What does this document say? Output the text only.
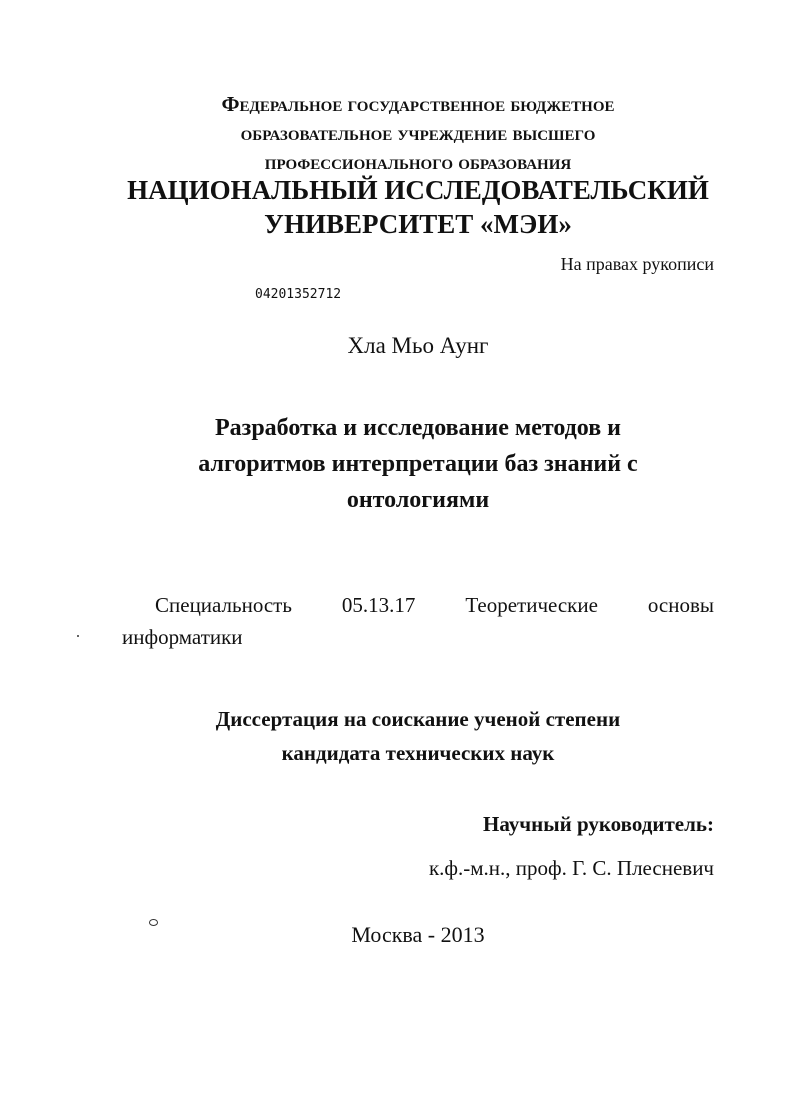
Федеральное государственное бюджетное
образовательное учреждение высшего
профессионального образования
НАЦИОНАЛЬНЫЙ ИССЛЕДОВАТЕЛЬСКИЙ
УНИВЕРСИТЕТ «МЭИ»
На правах рукописи
04201352712
Хла Мьо Аунг
Разработка и исследование методов и
алгоритмов интерпретации баз знаний с
онтологиями
Специальность 05.13.17 Теоретические основы
информатики
Диссертация на соискание ученой степени
кандидата технических наук
Научный руководитель:
к.ф.-м.н., проф. Г. С. Плесневич
Москва - 2013
